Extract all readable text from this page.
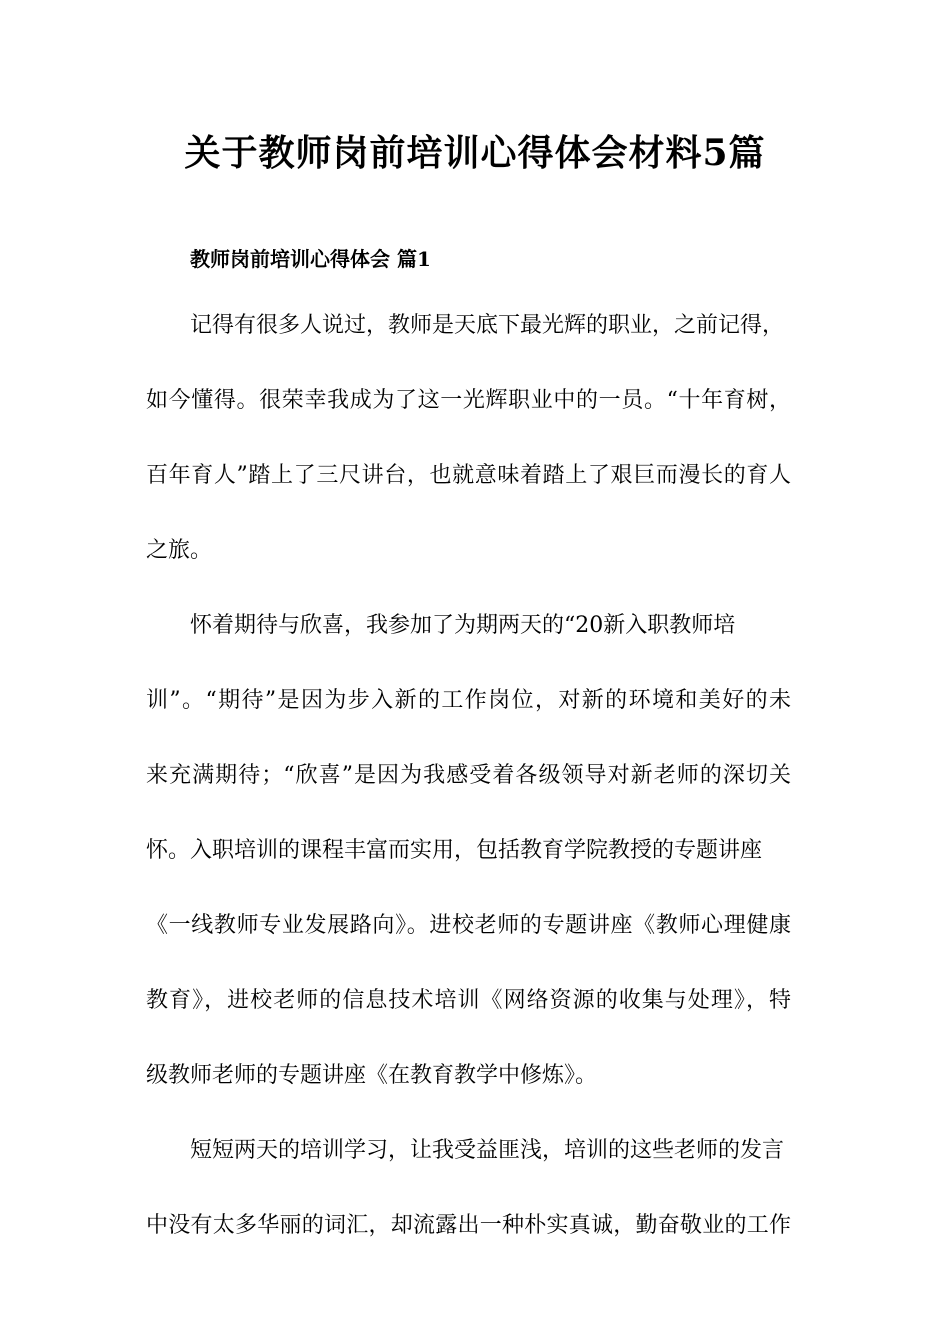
关于教师岗前培训心得体会材料5篇
教师岗前培训心得体会 篇1
记得有很多人说过，教师是天底下最光辉的职业，之前记得，
如今懂得。很荣幸我成为了这一光辉职业中的一员。“十年育树，
百年育人”踏上了三尺讲台，也就意味着踏上了艰巨而漫长的育人
之旅。
怀着期待与欣喜，我参加了为期两天的“20新入职教师培
训”。“期待”是因为步入新的工作岗位，对新的环境和美好的未
来充满期待；“欣喜”是因为我感受着各级领导对新老师的深切关
怀。入职培训的课程丰富而实用，包括教育学院教授的专题讲座
《一线教师专业发展路向》。进校老师的专题讲座《教师心理健康
教育》，进校老师的信息技术培训《网络资源的收集与处理》，特
级教师老师的专题讲座《在教育教学中修炼》。
短短两天的培训学习，让我受益匪浅，培训的这些老师的发言
中没有太多华丽的词汇，却流露出一种朴实真诚，勤奋敬业的工作
